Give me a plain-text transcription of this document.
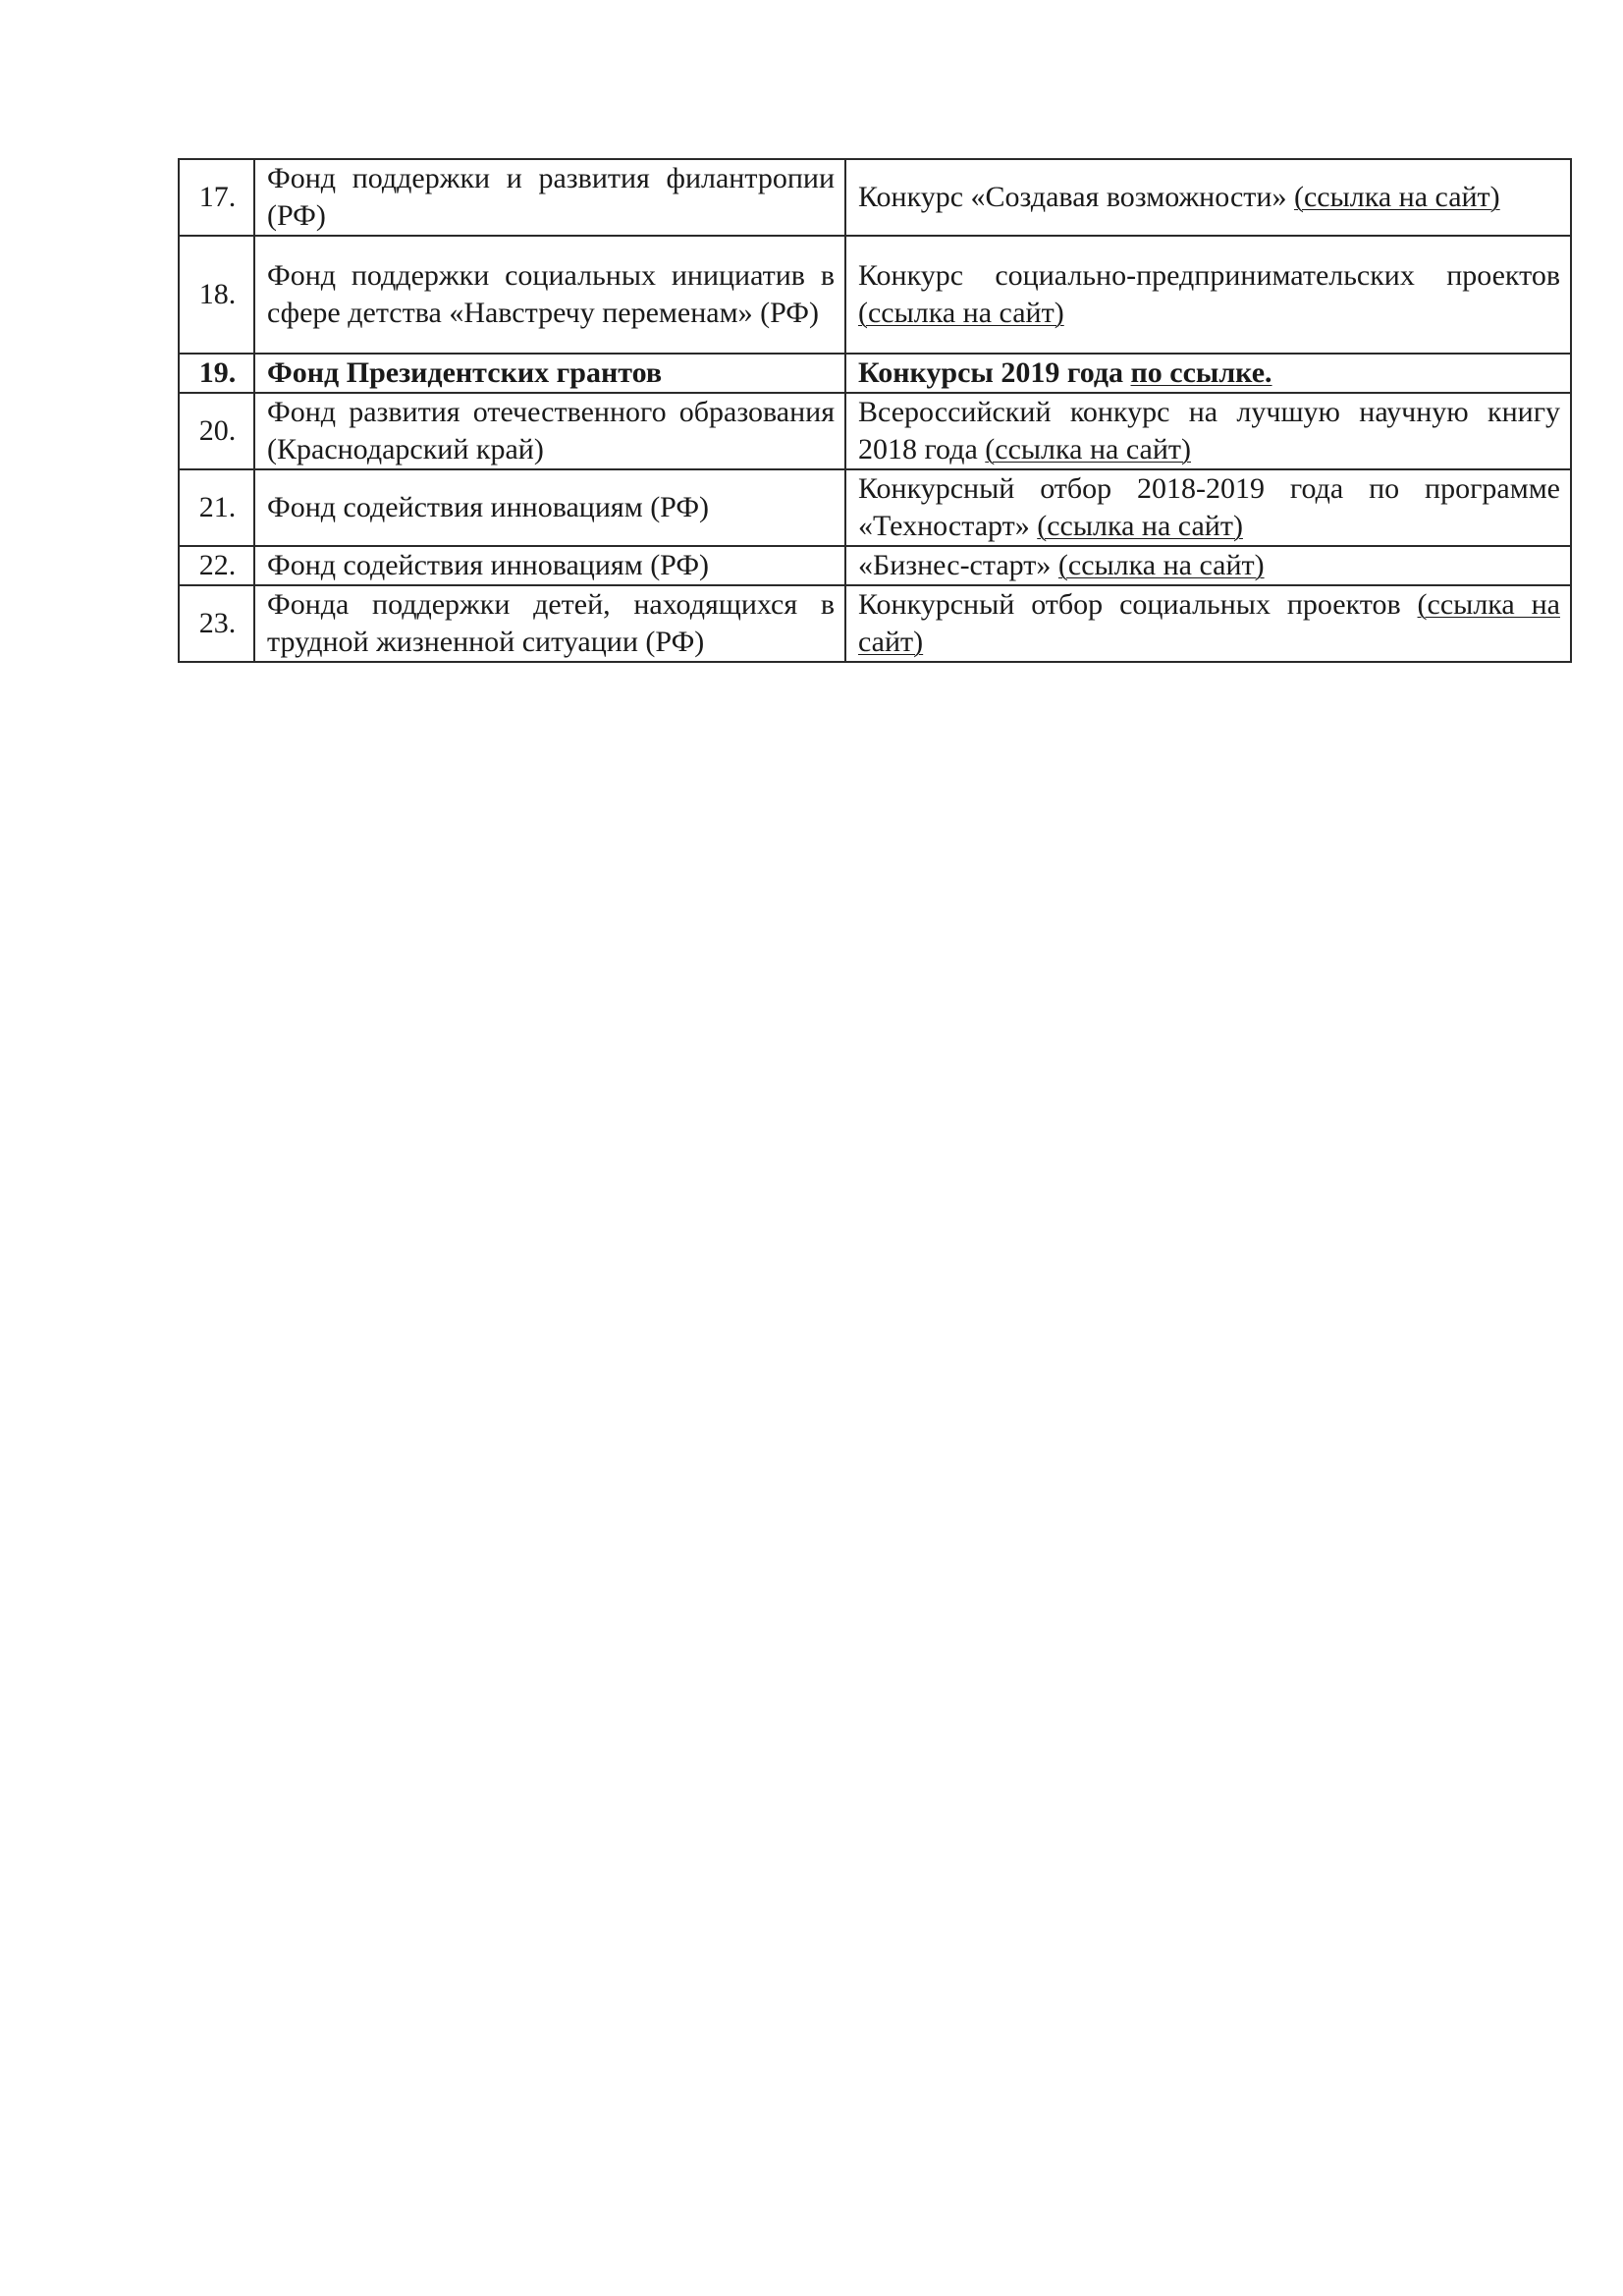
17.	Фонд поддержки и развития филантропии (РФ)	Конкурс «Создавая возможности» (ссылка на сайт)
18.	Фонд поддержки социальных инициатив в сфере детства «Навстречу переменам» (РФ)	Конкурс социально-предпринимательских проектов (ссылка на сайт)
19.	Фонд Президентских грантов	Конкурсы 2019 года по ссылке.
20.	Фонд развития отечественного образования (Краснодарский край)	Всероссийский конкурс на лучшую научную книгу 2018 года (ссылка на сайт)
21.	Фонд содействия инновациям (РФ)	Конкурсный отбор 2018-2019 года по программе «Техностарт» (ссылка на сайт)
22.	Фонд содействия инновациям (РФ)	«Бизнес-старт» (ссылка на сайт)
23.	Фонда поддержки детей, находящихся в трудной жизненной ситуации (РФ)	Конкурсный отбор социальных проектов (ссылка на сайт)
